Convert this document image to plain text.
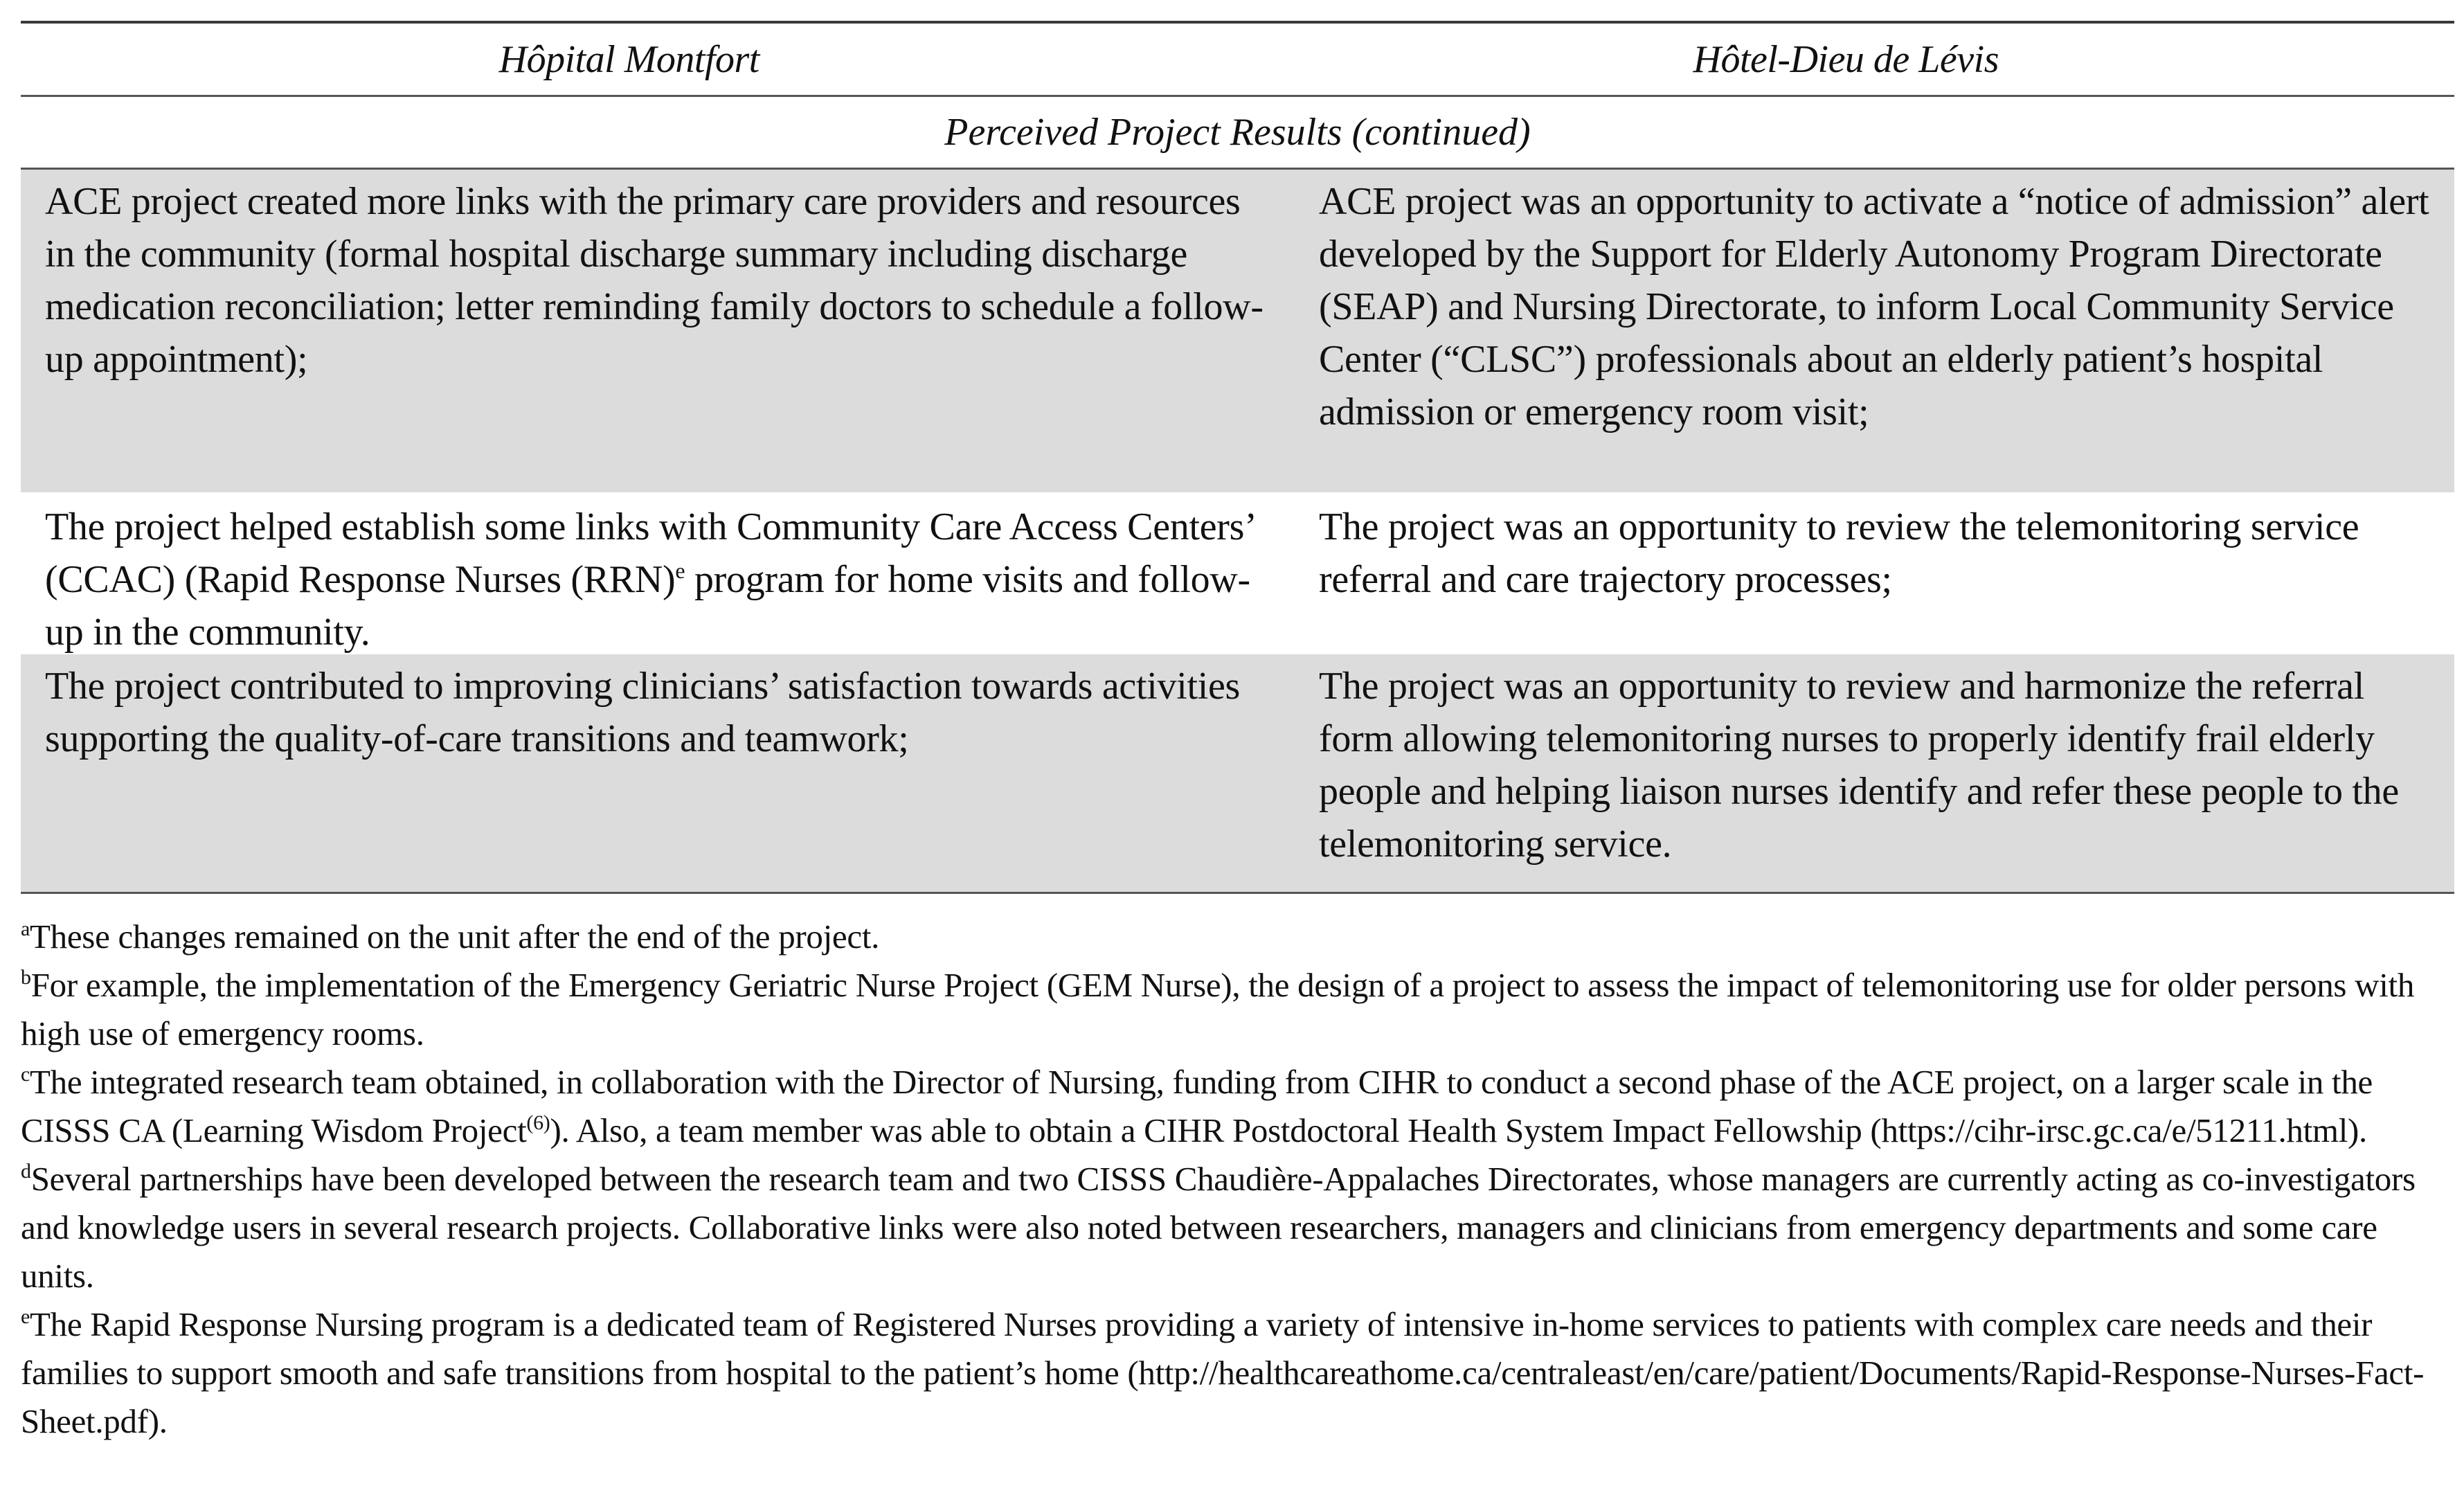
Hôpital Montfort	Hôtel-Dieu de Lévis
Perceived Project Results (continued)
ACE project created more links with the primary care providers and resources in the community (formal hospital discharge summary including discharge medication reconciliation; letter reminding family doctors to schedule a follow-up appointment);
ACE project was an opportunity to activate a “notice of admission” alert developed by the Support for Elderly Autonomy Program Directorate (SEAP) and Nursing Directorate, to inform Local Community Service Center (“CLSC”) professionals about an elderly patient’s hospital admission or emergency room visit;
The project helped establish some links with Community Care Access Centers’ (CCAC) (Rapid Response Nurses (RRN)$^e$ program for home visits and follow-up in the community.
The project was an opportunity to review the telemonitoring service referral and care trajectory processes;
The project contributed to improving clinicians’ satisfaction towards activities supporting the quality-of-care transitions and teamwork;
The project was an opportunity to review and harmonize the referral form allowing telemonitoring nurses to properly identify frail elderly people and helping liaison nurses identify and refer these people to the telemonitoring service.

$^a$These changes remained on the unit after the end of the project.

$^b$For example, the implementation of the Emergency Geriatric Nurse Project (GEM Nurse), the design of a project to assess the impact of telemonitoring use for older persons with high use of emergency rooms.

$^c$The integrated research team obtained, in collaboration with the Director of Nursing, funding from CIHR to conduct a second phase of the ACE project, on a larger scale in the CISSS CA (Learning Wisdom Project$^{(6)}$). Also, a team member was able to obtain a CIHR Postdoctoral Health System Impact Fellowship (https://cihr-irsc.gc.ca/e/51211.html).

$^d$Several partnerships have been developed between the research team and two CISSS Chaudière-Appalaches Directorates, whose managers are currently acting as co-investigators and knowledge users in several research projects. Collaborative links were also noted between researchers, managers and clinicians from emergency departments and some care units.

$^e$The Rapid Response Nursing program is a dedicated team of Registered Nurses providing a variety of intensive in-home services to patients with complex care needs and their families to support smooth and safe transitions from hospital to the patient’s home (http://healthcareathome.ca/centraleast/en/care/patient/Documents/Rapid-Response-Nurses-Fact-Sheet.pdf).
